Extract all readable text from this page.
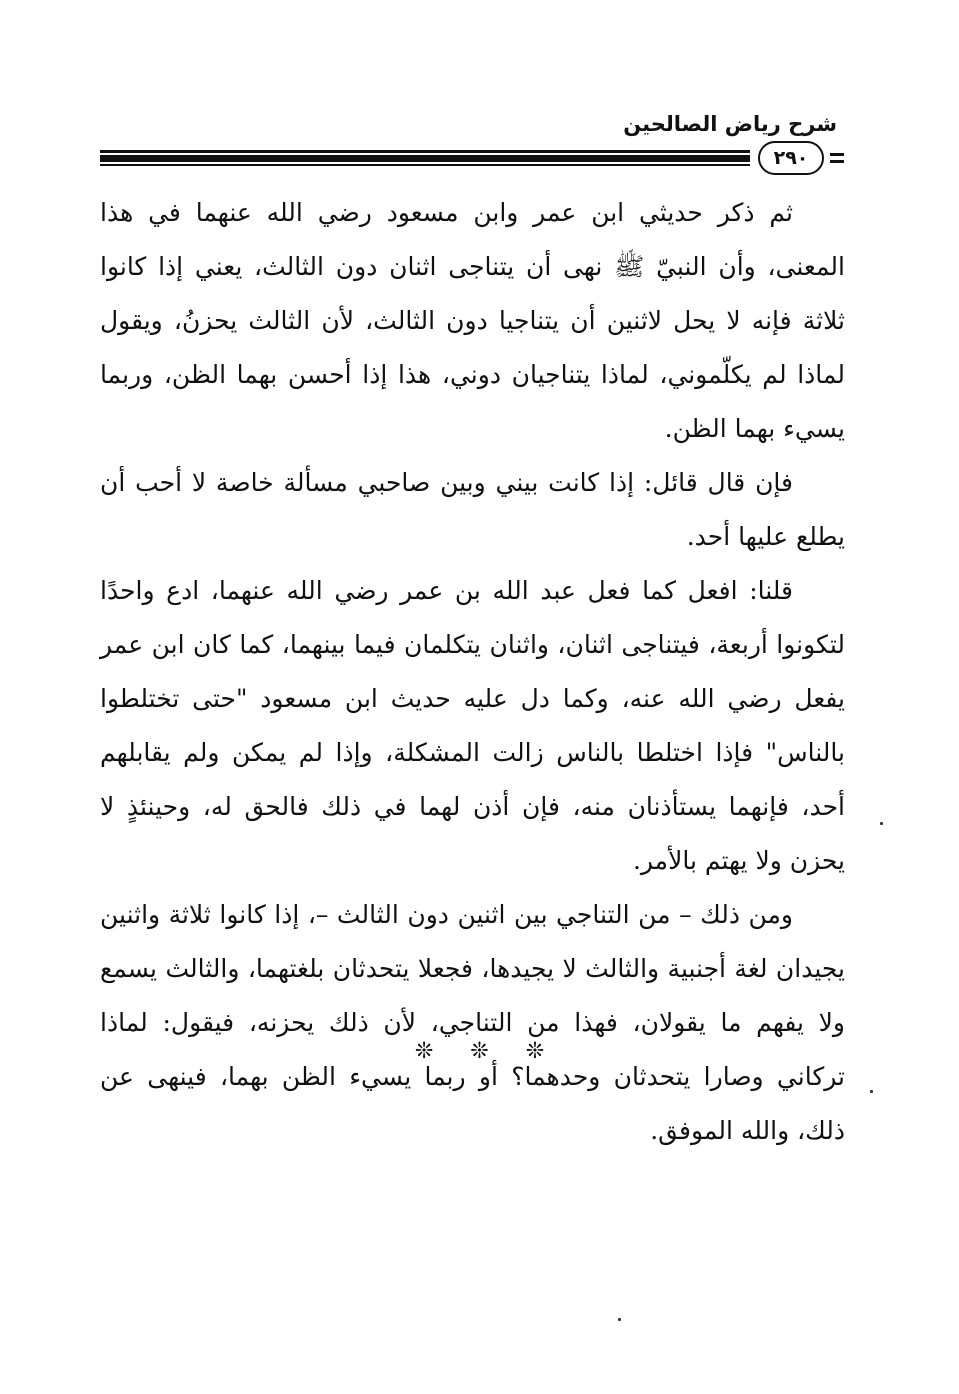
شرح رياض الصالحين
٢٩٠

ثم ذكر حديثي ابن عمر وابن مسعود رضي الله عنهما في هذا المعنى، وأن النبيّ ﷺ نهى أن يتناجى اثنان دون الثالث، يعني إذا كانوا ثلاثة فإنه لا يحل لاثنين أن يتناجيا دون الثالث، لأن الثالث يحزنُ، ويقول لماذا لم يكلّموني، لماذا يتناجيان دوني، هذا إذا أحسن بهما الظن، وربما يسيء بهما الظن.

فإن قال قائل: إذا كانت بيني وبين صاحبي مسألة خاصة لا أحب أن يطلع عليها أحد.

قلنا: افعل كما فعل عبد الله بن عمر رضي الله عنهما، ادع واحدًا لتكونوا أربعة، فيتناجى اثنان، واثنان يتكلمان فيما بينهما، كما كان ابن عمر يفعل رضي الله عنه، وكما دل عليه حديث ابن مسعود "حتى تختلطوا بالناس" فإذا اختلطا بالناس زالت المشكلة، وإذا لم يمكن ولم يقابلهم أحد، فإنهما يستأذنان منه، فإن أذن لهما في ذلك فالحق له، وحينئذٍ لا يحزن ولا يهتم بالأمر.

ومن ذلك – من التناجي بين اثنين دون الثالث –، إذا كانوا ثلاثة واثنين يجيدان لغة أجنبية والثالث لا يجيدها، فجعلا يتحدثان بلغتهما، والثالث يسمع ولا يفهم ما يقولان، فهذا من التناجي، لأن ذلك يحزنه، فيقول: لماذا تركاني وصارا يتحدثان وحدهما؟ أو ربما يسيء الظن بهما، فينهى عن ذلك، والله الموفق.

❊ ❊ ❊
